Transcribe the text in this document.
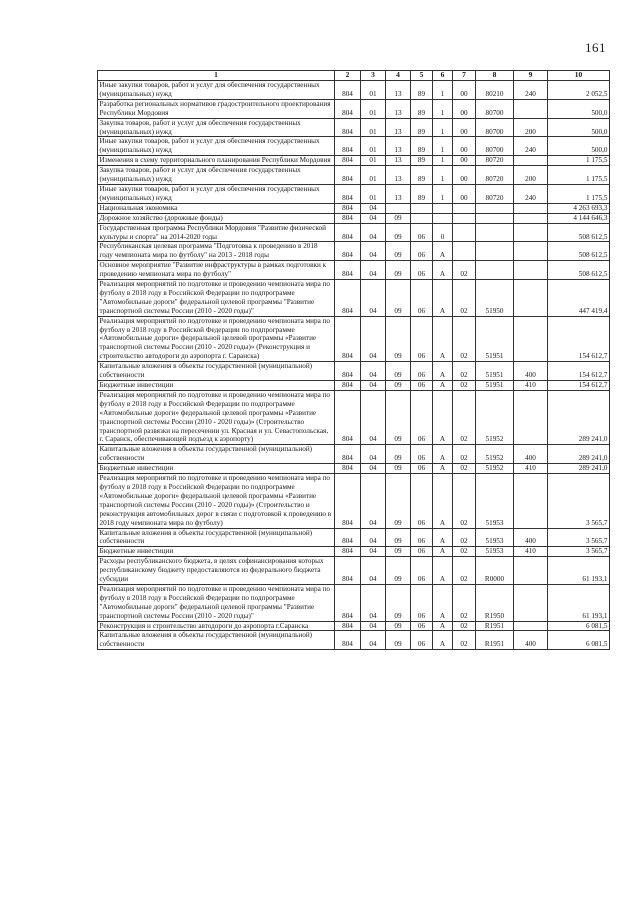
161
1	2	3	4	5	6	7	8	9	10
Иные закупки товаров, работ и услуг для обеспечения государственных (муниципальных) нужд	804	01	13	89	1	00	80210	240	2 052,5
Разработка региональных нормативов градостроительного проектирования Республики Мордовия	804	01	13	89	1	00	80700		500,0
Закупка товаров, работ и услуг для обеспечения государственных (муниципальных) нужд	804	01	13	89	1	00	80700	200	500,0
Иные закупки товаров, работ и услуг для обеспечения государственных (муниципальных) нужд	804	01	13	89	1	00	80700	240	500,0
Изменения в схему территориального планирования Республики Мордовия	804	01	13	89	1	00	80720		1 175,5
Закупка товаров, работ и услуг для обеспечения государственных (муниципальных) нужд	804	01	13	89	1	00	80720	200	1 175,5
Иные закупки товаров, работ и услуг для обеспечения государственных (муниципальных) нужд	804	01	13	89	1	00	80720	240	1 175,5
Национальная экономика	804	04							4 263 693,3
Дорожное хозяйство (дорожные фонды)	804	04	09						4 144 646,3
Государственная программа Республики Мордовия "Развитие физической культуры и спорта" на 2014-2020 годы	804	04	09	06	0				508 612,5
Республиканская целевая программа "Подготовка к проведению в 2018 году чемпионата мира по футболу" на 2013 - 2018 годы	804	04	09	06	А				508 612,5
Основное мероприятие "Развитие инфраструктуры в рамках подготовки к проведению чемпионата мира по футболу"	804	04	09	06	А	02			508 612,5
Реализация мероприятий по подготовке и проведению чемпионата мира по футболу в 2018 году в Российской Федерации по подпрограмме "Автомобильные дороги" федеральной целевой программы "Развитие транспортной системы России (2010 - 2020 годы)"	804	04	09	06	А	02	51950		447 419,4
Реализация мероприятий по подготовке и проведению чемпионата мира по футболу в 2018 году в Российской Федерации по подпрограмме «Автомобильные дороги» федеральной целевой программы «Развитие транспортной системы России (2010 - 2020 годы)» (Реконструкция и строительство автодороги до аэропорта г. Саранска)	804	04	09	06	А	02	51951		154 612,7
Капитальные вложения в объекты государственной (муниципальной) собственности	804	04	09	06	А	02	51951	400	154 612,7
Бюджетные инвестиции	804	04	09	06	А	02	51951	410	154 612,7
Реализация мероприятий по подготовке и проведению чемпионата мира по футболу в 2018 году в Российской Федерации по подпрограмме «Автомобильные дороги» федеральной целевой программы «Развитие транспортной системы России (2010 - 2020 годы)» (Строительство транспортной развязки на пересечении ул. Красная и ул. Севастопольская, г. Саранск, обеспечивающей подъезд к аэропорту)	804	04	09	06	А	02	51952		289 241,0
Капитальные вложения в объекты государственной (муниципальной) собственности	804	04	09	06	А	02	51952	400	289 241,0
Бюджетные инвестиции	804	04	09	06	А	02	51952	410	289 241,0
Реализация мероприятий по подготовке и проведению чемпионата мира по футболу в 2018 году в Российской Федерации по подпрограмме «Автомобильные дороги» федеральной целевой программы «Развитие транспортной системы России (2010 - 2020 годы)» (Строительство и реконструкция автомобильных дорог в связи с подготовкой к проведению в 2018 году чемпионата мира по футболу)	804	04	09	06	А	02	51953		3 565,7
Капитальные вложения в объекты государственной (муниципальной) собственности	804	04	09	06	А	02	51953	400	3 565,7
Бюджетные инвестиции	804	04	09	06	А	02	51953	410	3 565,7
Расходы республиканского бюджета, в целях софинансирования которых республиканскому бюджету предоставляются из федерального бюджета субсидии	804	04	09	06	А	02	R0000		61 193,1
Реализация мероприятий по подготовке и проведению чемпионата мира по футболу в 2018 году в Российской Федерации по подпрограмме "Автомобильные дороги" федеральной целевой программы "Развитие транспортной системы России (2010 - 2020 годы)"	804	04	09	06	А	02	R1950		61 193,1
Реконструкция и строительство автодороги до аэропорта г.Саранска	804	04	09	06	А	02	R1951		6 081,5
Капитальные вложения в объекты государственной (муниципальной) собственности	804	04	09	06	А	02	R1951	400	6 081,5
